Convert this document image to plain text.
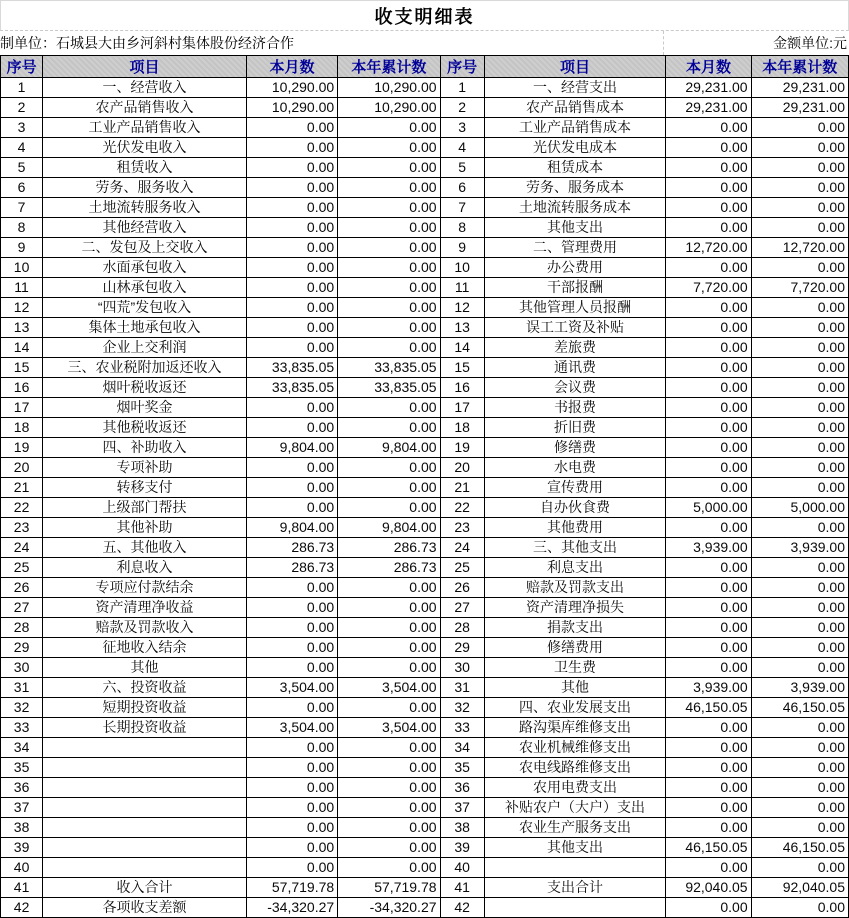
收支明细表
制单位：石城县大由乡河斜村集体股份经济合作	金额单位:元
序号	项目	本月数	本年累计数	序号	项目	本月数	本年累计数
1	一、经营收入	10,290.00	10,290.00	1	一、经营支出	29,231.00	29,231.00
2	农产品销售收入	10,290.00	10,290.00	2	农产品销售成本	29,231.00	29,231.00
3	工业产品销售收入	0.00	0.00	3	工业产品销售成本	0.00	0.00
4	光伏发电收入	0.00	0.00	4	光伏发电成本	0.00	0.00
5	租赁收入	0.00	0.00	5	租赁成本	0.00	0.00
6	劳务、服务收入	0.00	0.00	6	劳务、服务成本	0.00	0.00
7	土地流转服务收入	0.00	0.00	7	土地流转服务成本	0.00	0.00
8	其他经营收入	0.00	0.00	8	其他支出	0.00	0.00
9	二、发包及上交收入	0.00	0.00	9	二、管理费用	12,720.00	12,720.00
10	水面承包收入	0.00	0.00	10	办公费用	0.00	0.00
11	山林承包收入	0.00	0.00	11	干部报酬	7,720.00	7,720.00
12	“四荒”发包收入	0.00	0.00	12	其他管理人员报酬	0.00	0.00
13	集体土地承包收入	0.00	0.00	13	误工工资及补贴	0.00	0.00
14	企业上交利润	0.00	0.00	14	差旅费	0.00	0.00
15	三、农业税附加返还收入	33,835.05	33,835.05	15	通讯费	0.00	0.00
16	烟叶税收返还	33,835.05	33,835.05	16	会议费	0.00	0.00
17	烟叶奖金	0.00	0.00	17	书报费	0.00	0.00
18	其他税收返还	0.00	0.00	18	折旧费	0.00	0.00
19	四、补助收入	9,804.00	9,804.00	19	修缮费	0.00	0.00
20	专项补助	0.00	0.00	20	水电费	0.00	0.00
21	转移支付	0.00	0.00	21	宣传费用	0.00	0.00
22	上级部门帮扶	0.00	0.00	22	自办伙食费	5,000.00	5,000.00
23	其他补助	9,804.00	9,804.00	23	其他费用	0.00	0.00
24	五、其他收入	286.73	286.73	24	三、其他支出	3,939.00	3,939.00
25	利息收入	286.73	286.73	25	利息支出	0.00	0.00
26	专项应付款结余	0.00	0.00	26	赔款及罚款支出	0.00	0.00
27	资产清理净收益	0.00	0.00	27	资产清理净损失	0.00	0.00
28	赔款及罚款收入	0.00	0.00	28	捐款支出	0.00	0.00
29	征地收入结余	0.00	0.00	29	修缮费用	0.00	0.00
30	其他	0.00	0.00	30	卫生费	0.00	0.00
31	六、投资收益	3,504.00	3,504.00	31	其他	3,939.00	3,939.00
32	短期投资收益	0.00	0.00	32	四、农业发展支出	46,150.05	46,150.05
33	长期投资收益	3,504.00	3,504.00	33	路沟渠库维修支出	0.00	0.00
34		0.00	0.00	34	农业机械维修支出	0.00	0.00
35		0.00	0.00	35	农电线路维修支出	0.00	0.00
36		0.00	0.00	36	农用电费支出	0.00	0.00
37		0.00	0.00	37	补贴农户（大户）支出	0.00	0.00
38		0.00	0.00	38	农业生产服务支出	0.00	0.00
39		0.00	0.00	39	其他支出	46,150.05	46,150.05
40		0.00	0.00	40		0.00	0.00
41	收入合计	57,719.78	57,719.78	41	支出合计	92,040.05	92,040.05
42	各项收支差额	-34,320.27	-34,320.27	42		0.00	0.00
